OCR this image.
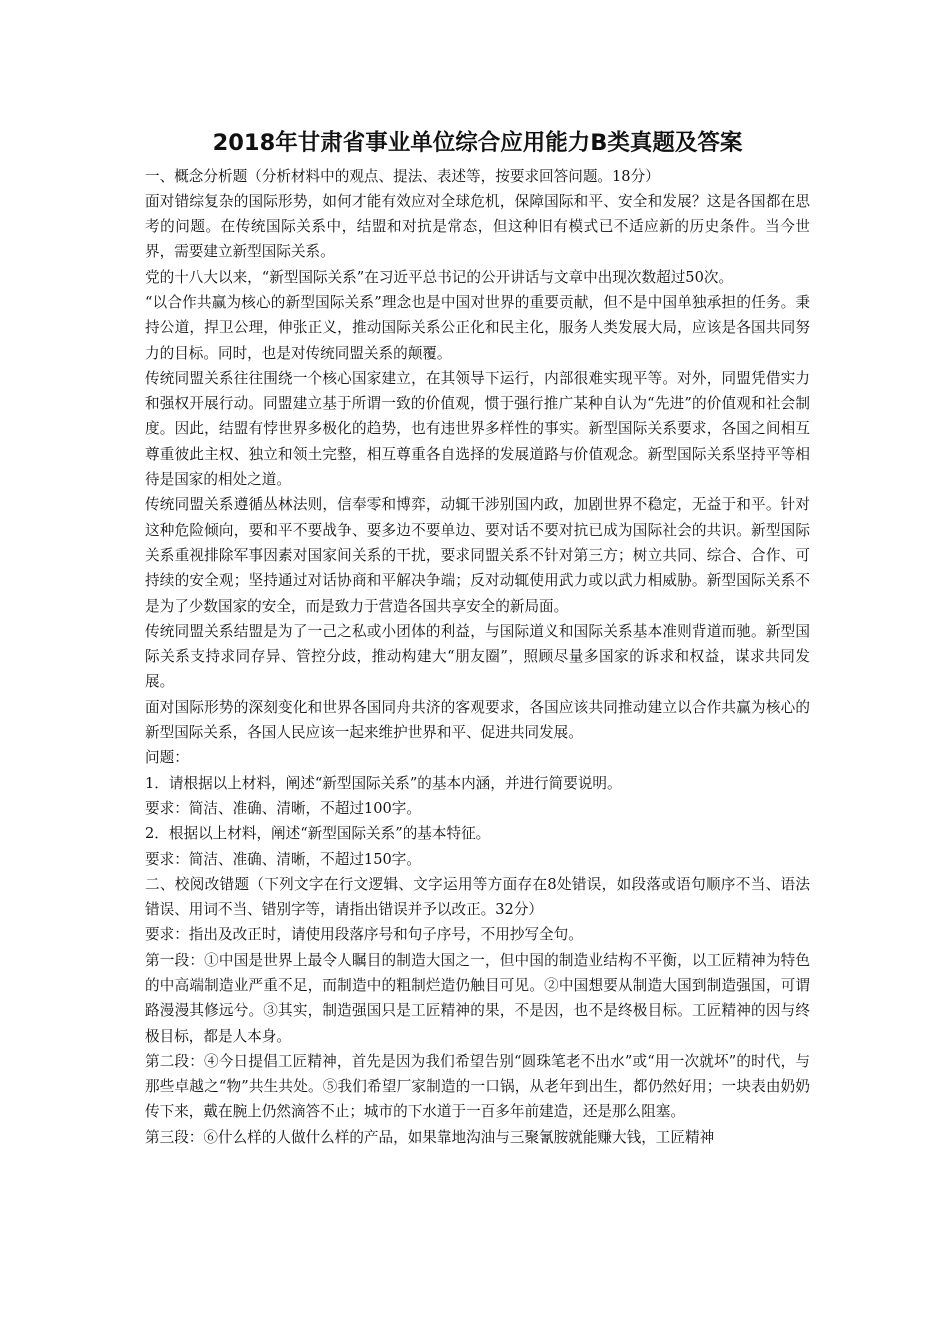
2018年甘肃省事业单位综合应用能力B类真题及答案

一、概念分析题（分析材料中的观点、提法、表述等，按要求回答问题。18分）

面对错综复杂的国际形势，如何才能有效应对全球危机，保障国际和平、安全和发展？这是各国都在思考的问题。在传统国际关系中，结盟和对抗是常态，但这种旧有模式已不适应新的历史条件。当今世界，需要建立新型国际关系。

党的十八大以来，“新型国际关系”在习近平总书记的公开讲话与文章中出现次数超过50次。

“以合作共赢为核心的新型国际关系”理念也是中国对世界的重要贡献，但不是中国单独承担的任务。秉持公道，捍卫公理，伸张正义，推动国际关系公正化和民主化，服务人类发展大局，应该是各国共同努力的目标。同时，也是对传统同盟关系的颠覆。

传统同盟关系往往围绕一个核心国家建立，在其领导下运行，内部很难实现平等。对外，同盟凭借实力和强权开展行动。同盟建立基于所谓一致的价值观，惯于强行推广某种自认为“先进”的价值观和社会制度。因此，结盟有悖世界多极化的趋势，也有违世界多样性的事实。新型国际关系要求，各国之间相互尊重彼此主权、独立和领土完整，相互尊重各自选择的发展道路与价值观念。新型国际关系坚持平等相待是国家的相处之道。

传统同盟关系遵循丛林法则，信奉零和博弈，动辄干涉别国内政，加剧世界不稳定，无益于和平。针对这种危险倾向，要和平不要战争、要多边不要单边、要对话不要对抗已成为国际社会的共识。新型国际关系重视排除军事因素对国家间关系的干扰，要求同盟关系不针对第三方；树立共同、综合、合作、可持续的安全观；坚持通过对话协商和平解决争端；反对动辄使用武力或以武力相威胁。新型国际关系不是为了少数国家的安全，而是致力于营造各国共享安全的新局面。

传统同盟关系结盟是为了一己之私或小团体的利益，与国际道义和国际关系基本准则背道而驰。新型国际关系支持求同存异、管控分歧，推动构建大“朋友圈”，照顾尽量多国家的诉求和权益，谋求共同发展。

面对国际形势的深刻变化和世界各国同舟共济的客观要求，各国应该共同推动建立以合作共赢为核心的新型国际关系，各国人民应该一起来维护世界和平、促进共同发展。

问题：

1．请根据以上材料，阐述“新型国际关系”的基本内涵，并进行简要说明。

要求：简洁、准确、清晰，不超过100字。

2．根据以上材料，阐述“新型国际关系”的基本特征。

要求：简洁、准确、清晰，不超过150字。

二、校阅改错题（下列文字在行文逻辑、文字运用等方面存在8处错误，如段落或语句顺序不当、语法错误、用词不当、错别字等，请指出错误并予以改正。32分）

要求：指出及改正时，请使用段落序号和句子序号，不用抄写全句。

第一段：①中国是世界上最令人瞩目的制造大国之一，但中国的制造业结构不平衡，以工匠精神为特色的中高端制造业严重不足，而制造中的粗制烂造仍触目可见。②中国想要从制造大国到制造强国，可谓路漫漫其修远兮。③其实，制造强国只是工匠精神的果，不是因，也不是终极目标。工匠精神的因与终极目标，都是人本身。

第二段：④今日提倡工匠精神，首先是因为我们希望告别“圆珠笔老不出水”或“用一次就坏”的时代，与那些卓越之“物”共生共处。⑤我们希望厂家制造的一口锅，从老年到出生，都仍然好用；一块表由奶奶传下来，戴在腕上仍然滴答不止；城市的下水道于一百多年前建造，还是那么阻塞。

第三段：⑥什么样的人做什么样的产品，如果靠地沟油与三聚氰胺就能赚大钱，工匠精神
